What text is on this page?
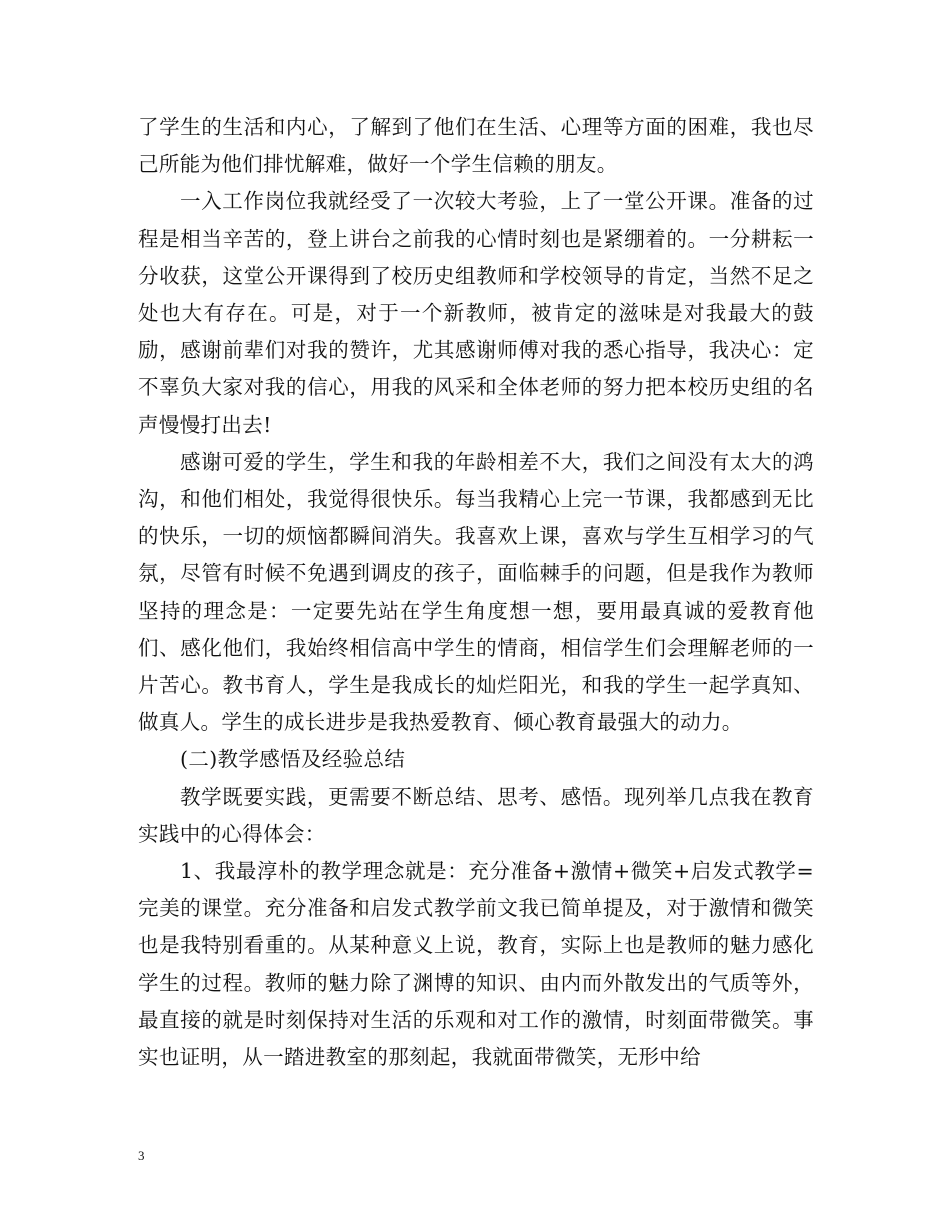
了学生的生活和内心，了解到了他们在生活、心理等方面的困难，我也尽己所能为他们排忧解难，做好一个学生信赖的朋友。

一入工作岗位我就经受了一次较大考验，上了一堂公开课。准备的过程是相当辛苦的，登上讲台之前我的心情时刻也是紧绷着的。一分耕耘一分收获，这堂公开课得到了校历史组教师和学校领导的肯定，当然不足之处也大有存在。可是，对于一个新教师，被肯定的滋味是对我最大的鼓励，感谢前辈们对我的赞许，尤其感谢师傅对我的悉心指导，我决心：定不辜负大家对我的信心，用我的风采和全体老师的努力把本校历史组的名声慢慢打出去!

感谢可爱的学生，学生和我的年龄相差不大，我们之间没有太大的鸿沟，和他们相处，我觉得很快乐。每当我精心上完一节课，我都感到无比的快乐，一切的烦恼都瞬间消失。我喜欢上课，喜欢与学生互相学习的气氛，尽管有时候不免遇到调皮的孩子，面临棘手的问题，但是我作为教师坚持的理念是：一定要先站在学生角度想一想，要用最真诚的爱教育他们、感化他们，我始终相信高中学生的情商，相信学生们会理解老师的一片苦心。教书育人，学生是我成长的灿烂阳光，和我的学生一起学真知、做真人。学生的成长进步是我热爱教育、倾心教育最强大的动力。

(二)教学感悟及经验总结

教学既要实践，更需要不断总结、思考、感悟。现列举几点我在教育实践中的心得体会：

1、我最淳朴的教学理念就是：充分准备+激情+微笑+启发式教学=完美的课堂。充分准备和启发式教学前文我已简单提及，对于激情和微笑也是我特别看重的。从某种意义上说，教育，实际上也是教师的魅力感化学生的过程。教师的魅力除了渊博的知识、由内而外散发出的气质等外，最直接的就是时刻保持对生活的乐观和对工作的激情，时刻面带微笑。事实也证明，从一踏进教室的那刻起，我就面带微笑，无形中给

3
